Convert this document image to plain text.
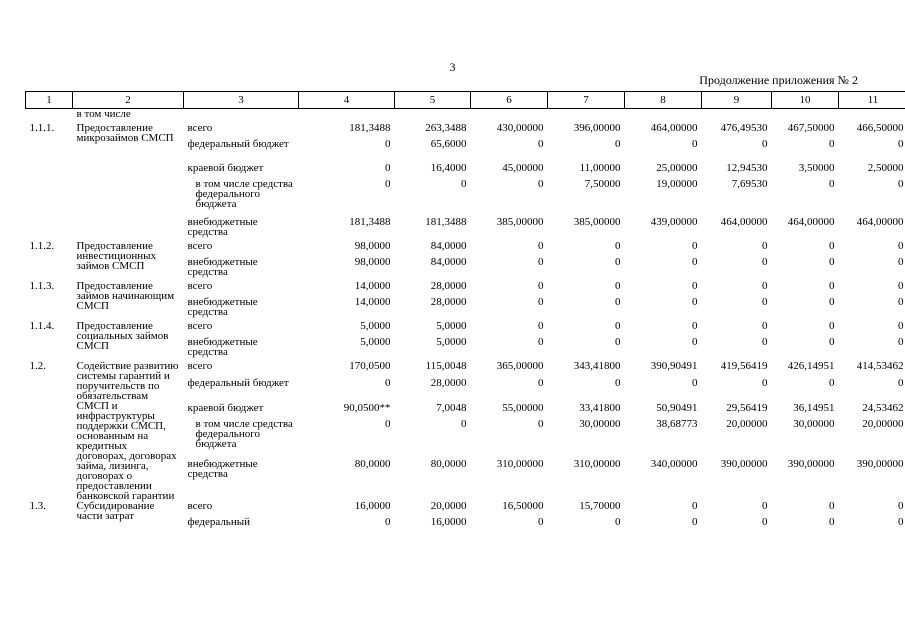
3
Продолжение приложения № 2
1	2	3	4	5	6	7	8	9	10	11
	в том числе									
1.1.1.	Предоставление микрозаймов СМСП	всего	181,3488	263,3488	430,00000	396,00000	464,00000	476,49530	467,50000	466,50000
		федеральный бюджет	0	65,6000	0	0	0	0	0	0
		краевой бюджет	0	16,4000	45,00000	11,00000	25,00000	12,94530	3,50000	2,50000
		в том числе средства федерального бюджета	0	0	0	7,50000	19,00000	7,69530	0	0
		внебюджетные средства	181,3488	181,3488	385,00000	385,00000	439,00000	464,00000	464,00000	464,00000
1.1.2.	Предоставление инвестиционных займов СМСП	всего	98,0000	84,0000	0	0	0	0	0	0
		внебюджетные средства	98,0000	84,0000	0	0	0	0	0	0
1.1.3.	Предоставление займов начинающим СМСП	всего	14,0000	28,0000	0	0	0	0	0	0
		внебюджетные средства	14,0000	28,0000	0	0	0	0	0	0
1.1.4.	Предоставление социальных займов СМСП	всего	5,0000	5,0000	0	0	0	0	0	0
		внебюджетные средства	5,0000	5,0000	0	0	0	0	0	0
1.2.	Содействие развитию системы гарантий и поручительств по обязательствам СМСП и инфраструктуры поддержки СМСП, основанным на кредитных договорах, договорах займа, лизинга, договорах о предоставлении банковской гарантии	всего	170,0500	115,0048	365,00000	343,41800	390,90491	419,56419	426,14951	414,53462
		федеральный бюджет	0	28,0000	0	0	0	0	0	0
		краевой бюджет	90,0500**	7,0048	55,00000	33,41800	50,90491	29,56419	36,14951	24,53462
		в том числе средства федерального бюджета	0	0	0	30,00000	38,68773	20,00000	30,00000	20,00000
		внебюджетные средства	80,0000	80,0000	310,00000	310,00000	340,00000	390,00000	390,00000	390,00000
1.3.	Субсидирование части затрат	всего	16,0000	20,0000	16,50000	15,70000	0	0	0	0
		федеральный	0	16,0000	0	0	0	0	0	0
